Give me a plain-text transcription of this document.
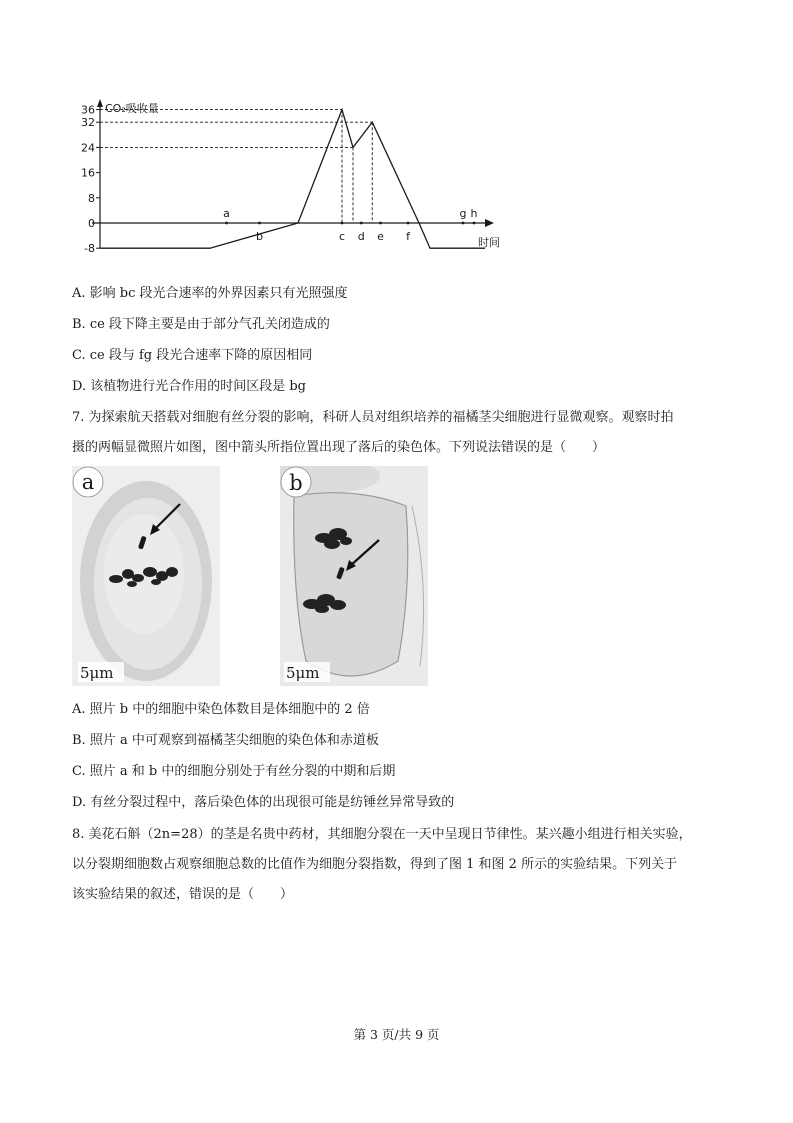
CO₂吸收量
时间
36
32
24
16
8
0
-8
a
b	c d e f
g h
A. 影响 bc 段光合速率的外界因素只有光照强度
B. ce 段下降主要是由于部分气孔关闭造成的
C. ce 段与 fg 段光合速率下降的原因相同
D. 该植物进行光合作用的时间区段是 bg
7. 为探索航天搭载对细胞有丝分裂的影响，科研人员对组织培养的福橘茎尖细胞进行显微观察。观察时拍
摄的两幅显微照片如图，图中箭头所指位置出现了落后的染色体。下列说法错误的是（　　）
a
5μm
b
5μm
A. 照片 b 中的细胞中染色体数目是体细胞中的 2 倍
B. 照片 a 中可观察到福橘茎尖细胞的染色体和赤道板
C. 照片 a 和 b 中的细胞分别处于有丝分裂的中期和后期
D. 有丝分裂过程中，落后染色体的出现很可能是纺锤丝异常导致的
8. 美花石斛（2n=28）的茎是名贵中药材，其细胞分裂在一天中呈现日节律性。某兴趣小组进行相关实验，
以分裂期细胞数占观察细胞总数的比值作为细胞分裂指数，得到了图 1 和图 2 所示的实验结果。下列关于
该实验结果的叙述，错误的是（　　）
第 3 页/共 9 页
